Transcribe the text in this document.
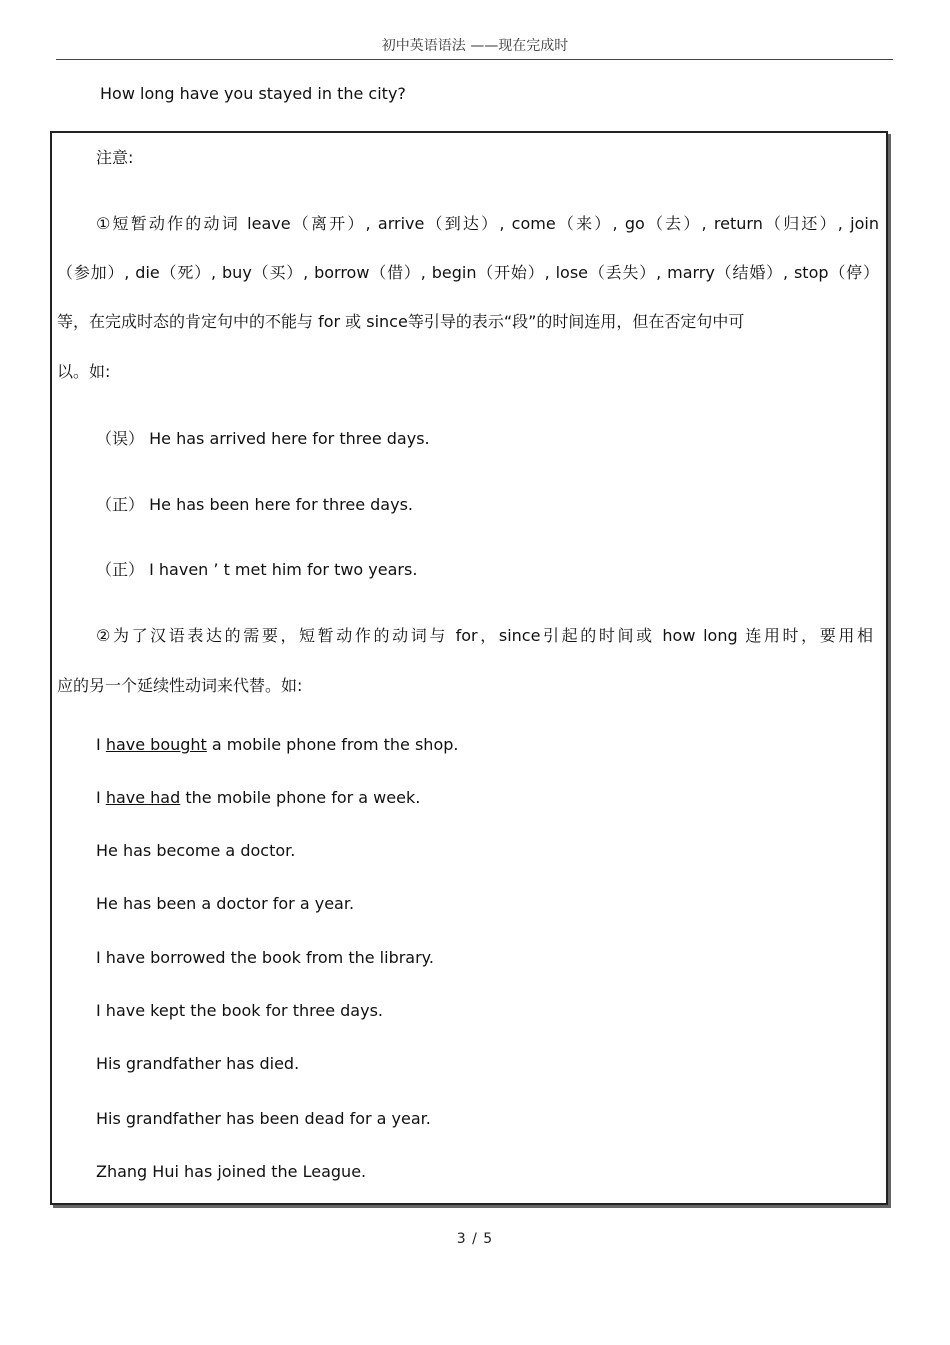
初中英语语法 ——现在完成时
How long have you stayed in the city?
注意:
①短暂动作的动词 leave（离开）, arrive（到达）, come（来）, go（去）, return（归还）, join
（参加）, die（死）, buy（买）, borrow（借）, begin（开始）, lose（丢失）, marry（结婚）, stop（停）
等，在完成时态的肯定句中的不能与 for 或 since等引导的表示“段”的时间连用，但在否定句中可
以。如:
（误） He has arrived here for three days.
（正） He has been here for three days.
（正） I haven ’ t met him for two years.
②为了汉语表达的需要，短暂动作的动词与 for，since引起的时间或 how long 连用时，要用相
应的另一个延续性动词来代替。如:
I have bought a mobile phone from the shop.
I have had the mobile phone for a week.
He has become a doctor.
He has been a doctor for a year.
I have borrowed the book from the library.
I have kept the book for three days.
His grandfather has died.
His grandfather has been dead for a year.
Zhang Hui has joined the League.
3 / 5
